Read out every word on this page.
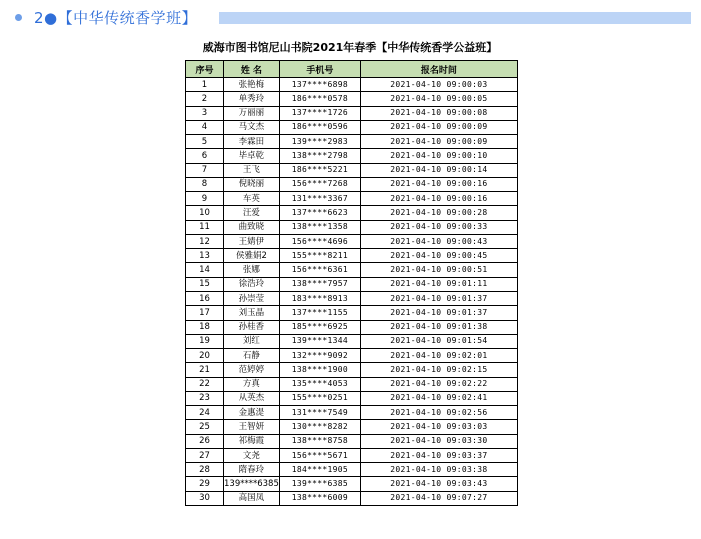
2●【中华传统香学班】
威海市图书馆尼山书院2021年春季【中华传统香学公益班】
序号	姓 名	手机号	报名时间
1	张艳梅	137****6898	2021-04-10 09:00:03
2	单秀玲	186****0578	2021-04-10 09:00:05
3	万丽丽	137****1726	2021-04-10 09:00:08
4	马文杰	186****0596	2021-04-10 09:00:09
5	李霖田	139****2983	2021-04-10 09:00:09
6	毕卓乾	138****2798	2021-04-10 09:00:10
7	王飞	186****5221	2021-04-10 09:00:14
8	倪晓丽	156****7268	2021-04-10 09:00:16
9	车英	131****3367	2021-04-10 09:00:16
10	汪爱	137****6623	2021-04-10 09:00:28
11	曲致晓	138****1358	2021-04-10 09:00:33
12	王婧伊	156****4696	2021-04-10 09:00:43
13	侯雅娟2	155****8211	2021-04-10 09:00:45
14	张娜	156****6361	2021-04-10 09:00:51
15	徐浩玲	138****7957	2021-04-10 09:01:11
16	孙崇莹	183****8913	2021-04-10 09:01:37
17	刘玉晶	137****1155	2021-04-10 09:01:37
18	孙桂香	185****6925	2021-04-10 09:01:38
19	刘红	139****1344	2021-04-10 09:01:54
20	石静	132****9092	2021-04-10 09:02:01
21	范婷婷	138****1900	2021-04-10 09:02:15
22	方真	135****4053	2021-04-10 09:02:22
23	从英杰	155****0251	2021-04-10 09:02:41
24	金惠湜	131****7549	2021-04-10 09:02:56
25	王智妍	130****8282	2021-04-10 09:03:03
26	祁梅霞	138****8758	2021-04-10 09:03:30
27	文尧	156****5671	2021-04-10 09:03:37
28	隋春玲	184****1905	2021-04-10 09:03:38
29	139****6385	139****6385	2021-04-10 09:03:43
30	高国凤	138****6009	2021-04-10 09:07:27
